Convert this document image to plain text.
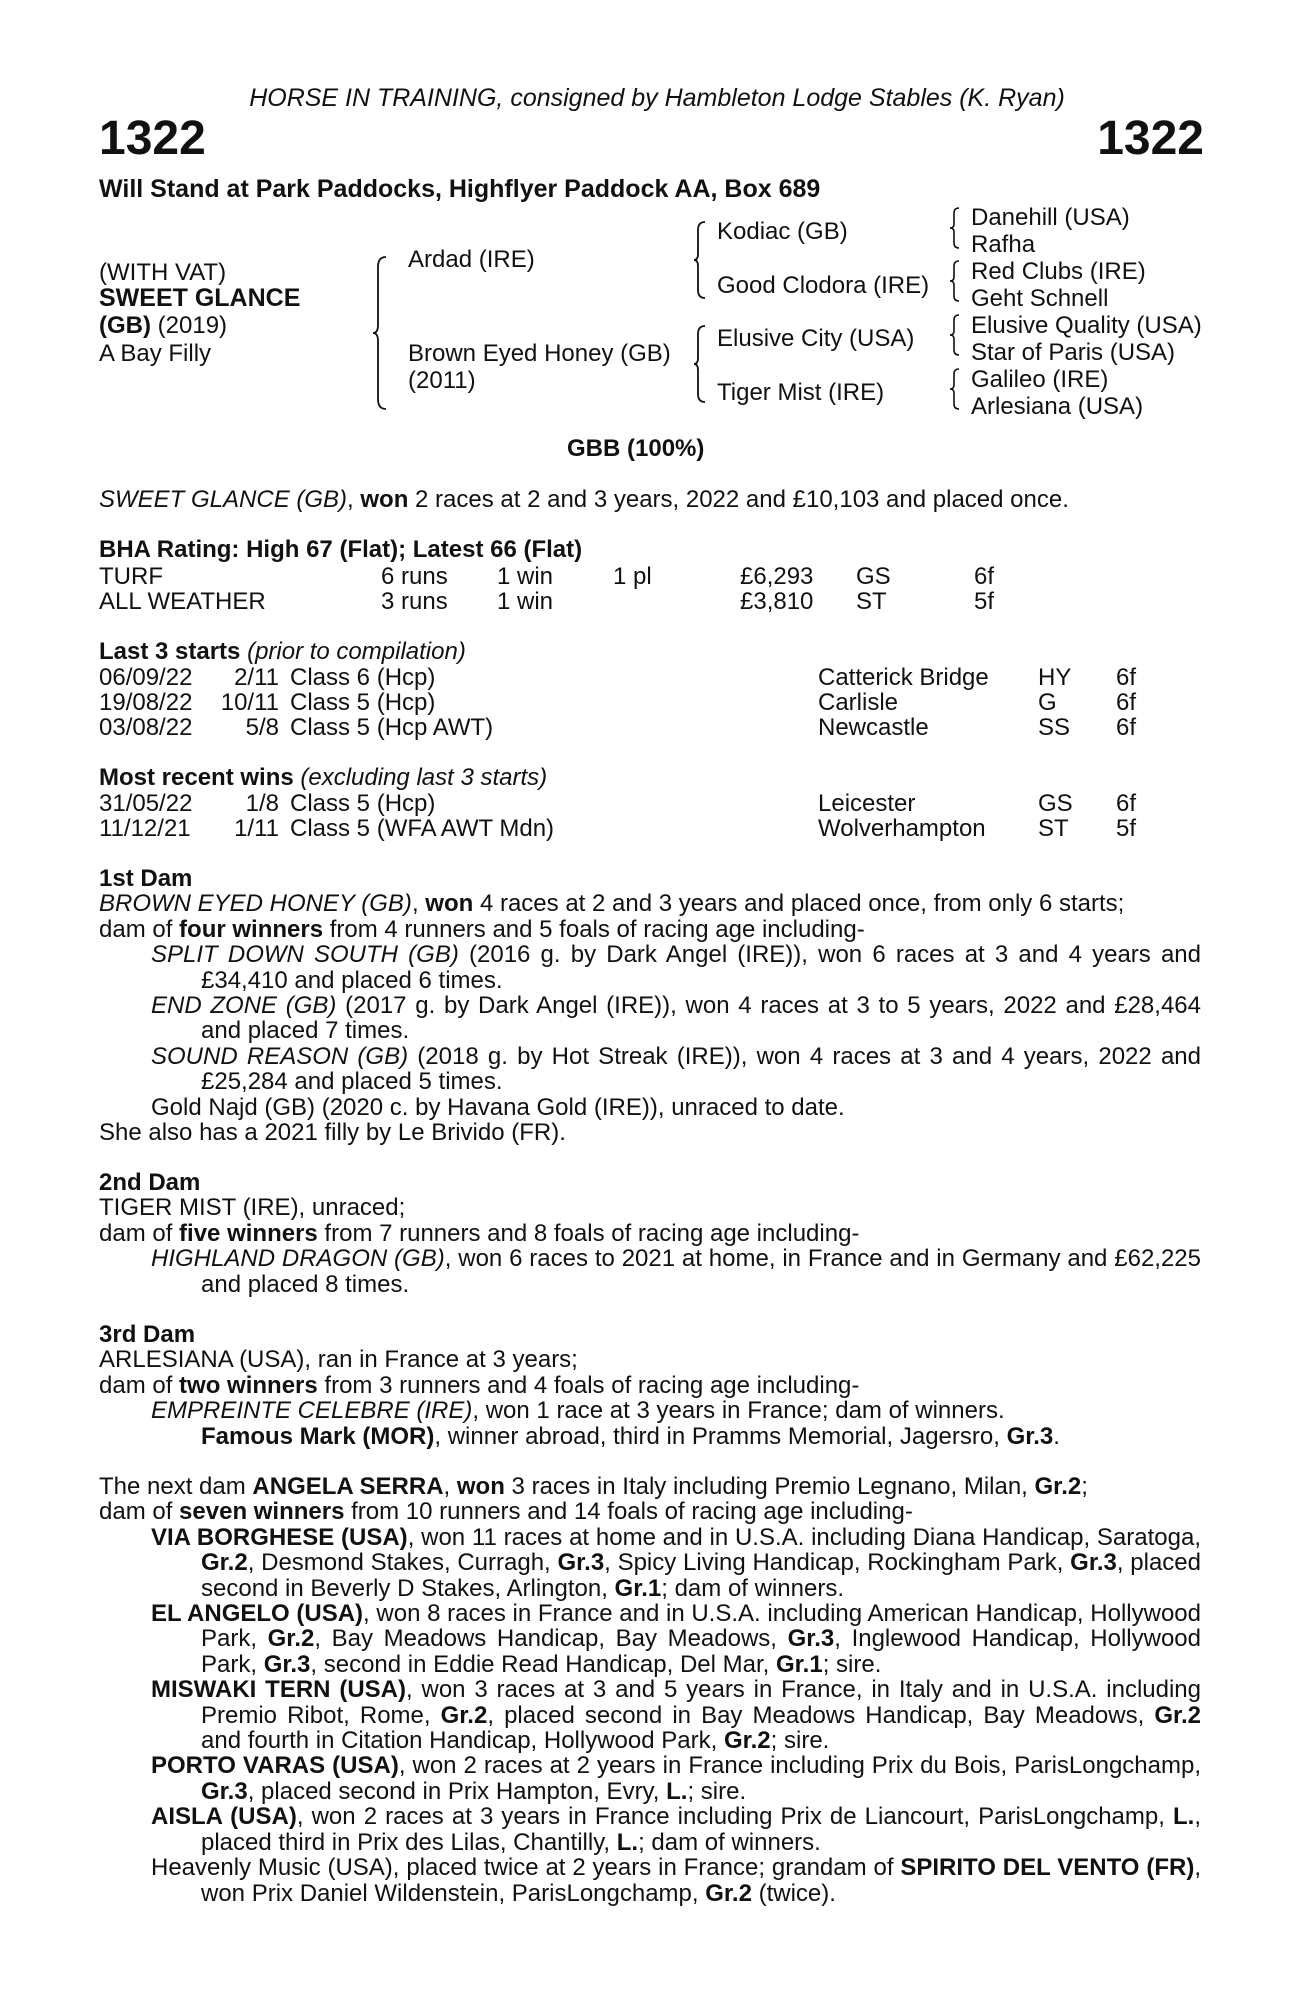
HORSE IN TRAINING, consigned by Hambleton Lodge Stables (K. Ryan)
1322	1322
Will Stand at Park Paddocks, Highflyer Paddock AA, Box 689
(WITH VAT)
SWEET GLANCE
(GB) (2019)
A Bay Filly
Ardad (IRE)
Brown Eyed Honey (GB)
(2011)
Kodiac (GB)
Good Clodora (IRE)
Elusive City (USA)
Tiger Mist (IRE)
Danehill (USA)
Rafha
Red Clubs (IRE)
Geht Schnell
Elusive Quality (USA)
Star of Paris (USA)
Galileo (IRE)
Arlesiana (USA)
GBB (100%)
SWEET GLANCE (GB), won 2 races at 2 and 3 years, 2022 and £10,103 and placed once.
BHA Rating: High 67 (Flat); Latest 66 (Flat)
TURF	6 runs 1 win 1 pl	£6,293 GS	6f
ALL WEATHER	3 runs 1 win	£3,810 ST	5f
Last 3 starts (prior to compilation)
06/09/22 2/11 Class 6 (Hcp)	Catterick Bridge HY 6f
19/08/22 10/11 Class 5 (Hcp)	Carlisle	G 6f
03/08/22 5/8 Class 5 (Hcp AWT)	Newcastle	SS 6f
Most recent wins (excluding last 3 starts)
31/05/22 1/8 Class 5 (Hcp)	Leicester	GS 6f
11/12/21 1/11 Class 5 (WFA AWT Mdn)	Wolverhampton ST 5f

1st Dam

BROWN EYED HONEY (GB), won 4 races at 2 and 3 years and placed once, from only 6 starts;

dam of four winners from 4 runners and 5 foals of racing age including-

SPLIT DOWN SOUTH (GB) (2016 g. by Dark Angel (IRE)), won 6 races at 3 and 4 years and £34,410 and placed 6 times.

END ZONE (GB) (2017 g. by Dark Angel (IRE)), won 4 races at 3 to 5 years, 2022 and £28,464 and placed 7 times.

SOUND REASON (GB) (2018 g. by Hot Streak (IRE)), won 4 races at 3 and 4 years, 2022 and £25,284 and placed 5 times.

Gold Najd (GB) (2020 c. by Havana Gold (IRE)), unraced to date.

She also has a 2021 filly by Le Brivido (FR).

2nd Dam

TIGER MIST (IRE), unraced;

dam of five winners from 7 runners and 8 foals of racing age including-

HIGHLAND DRAGON (GB), won 6 races to 2021 at home, in France and in Germany and £62,225 and placed 8 times.

3rd Dam

ARLESIANA (USA), ran in France at 3 years;

dam of two winners from 3 runners and 4 foals of racing age including-

EMPREINTE CELEBRE (IRE), won 1 race at 3 years in France; dam of winners.

Famous Mark (MOR), winner abroad, third in Pramms Memorial, Jagersro, Gr.3.

The next dam ANGELA SERRA, won 3 races in Italy including Premio Legnano, Milan, Gr.2;

dam of seven winners from 10 runners and 14 foals of racing age including-

VIA BORGHESE (USA), won 11 races at home and in U.S.A. including Diana Handicap, Saratoga, Gr.2, Desmond Stakes, Curragh, Gr.3, Spicy Living Handicap, Rockingham Park, Gr.3, placed second in Beverly D Stakes, Arlington, Gr.1; dam of winners.

EL ANGELO (USA), won 8 races in France and in U.S.A. including American Handicap, Hollywood Park, Gr.2, Bay Meadows Handicap, Bay Meadows, Gr.3, Inglewood Handicap, Hollywood Park, Gr.3, second in Eddie Read Handicap, Del Mar, Gr.1; sire.

MISWAKI TERN (USA), won 3 races at 3 and 5 years in France, in Italy and in U.S.A. including Premio Ribot, Rome, Gr.2, placed second in Bay Meadows Handicap, Bay Meadows, Gr.2 and fourth in Citation Handicap, Hollywood Park, Gr.2; sire.

PORTO VARAS (USA), won 2 races at 2 years in France including Prix du Bois, ParisLongchamp, Gr.3, placed second in Prix Hampton, Evry, L.; sire.

AISLA (USA), won 2 races at 3 years in France including Prix de Liancourt, ParisLongchamp, L., placed third in Prix des Lilas, Chantilly, L.; dam of winners.

Heavenly Music (USA), placed twice at 2 years in France; grandam of SPIRITO DEL VENTO (FR), won Prix Daniel Wildenstein, ParisLongchamp, Gr.2 (twice).
